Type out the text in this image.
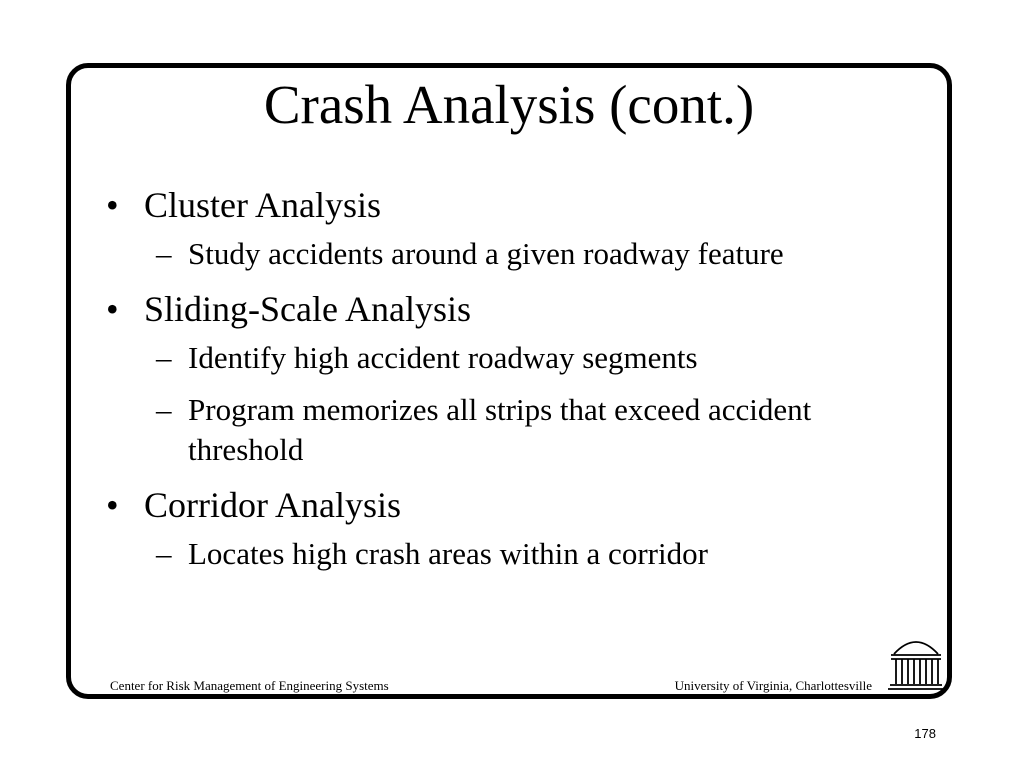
Crash Analysis (cont.)
• Cluster Analysis
– Study accidents around a given roadway feature
• Sliding-Scale Analysis
– Identify high accident roadway segments
– Program memorizes all strips that exceed accident threshold
• Corridor Analysis
– Locates high crash areas within a corridor
Center for Risk Management of Engineering Systems	University of Virginia, Charlottesville
178
